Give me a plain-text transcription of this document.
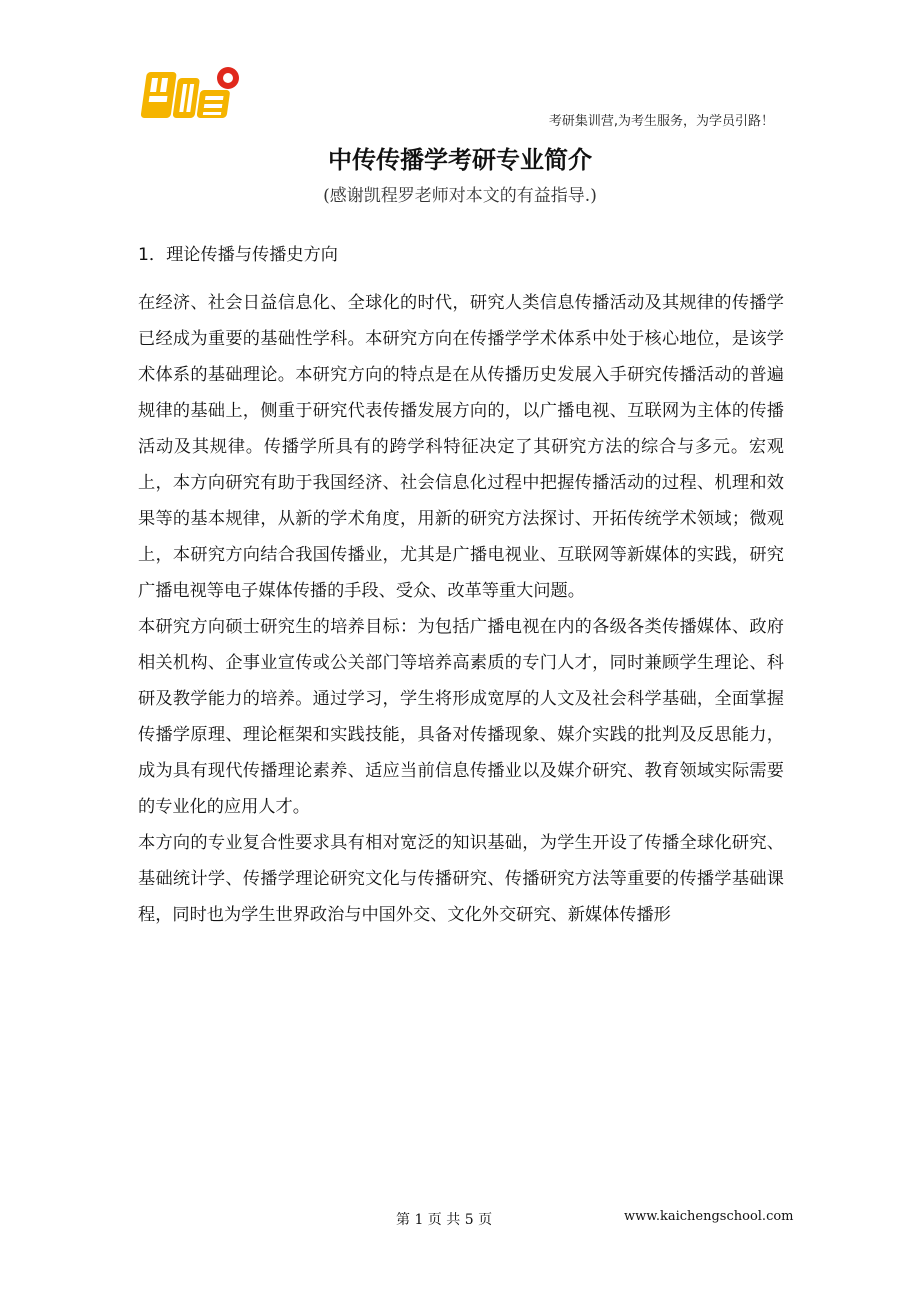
考研集训营,为考生服务，为学员引路！
中传传播学考研专业简介
(感谢凯程罗老师对本文的有益指导.)

1．理论传播与传播史方向

在经济、社会日益信息化、全球化的时代，研究人类信息传播活动及其规律的传播学已经成为重要的基础性学科。本研究方向在传播学学术体系中处于核心地位，是该学术体系的基础理论。本研究方向的特点是在从传播历史发展入手研究传播活动的普遍规律的基础上，侧重于研究代表传播发展方向的，以广播电视、互联网为主体的传播活动及其规律。传播学所具有的跨学科特征决定了其研究方法的综合与多元。宏观上，本方向研究有助于我国经济、社会信息化过程中把握传播活动的过程、机理和效果等的基本规律，从新的学术角度，用新的研究方法探讨、开拓传统学术领域；微观上，本研究方向结合我国传播业，尤其是广播电视业、互联网等新媒体的实践，研究广播电视等电子媒体传播的手段、受众、改革等重大问题。

本研究方向硕士研究生的培养目标：为包括广播电视在内的各级各类传播媒体、政府相关机构、企事业宣传或公关部门等培养高素质的专门人才，同时兼顾学生理论、科研及教学能力的培养。通过学习，学生将形成宽厚的人文及社会科学基础，全面掌握传播学原理、理论框架和实践技能，具备对传播现象、媒介实践的批判及反思能力，成为具有现代传播理论素养、适应当前信息传播业以及媒介研究、教育领域实际需要的专业化的应用人才。

本方向的专业复合性要求具有相对宽泛的知识基础，为学生开设了传播全球化研究、基础统计学、传播学理论研究文化与传播研究、传播研究方法等重要的传播学基础课程，同时也为学生世界政治与中国外交、文化外交研究、新媒体传播形

第 1 页 共 5 页	www.kaichengschool.com
